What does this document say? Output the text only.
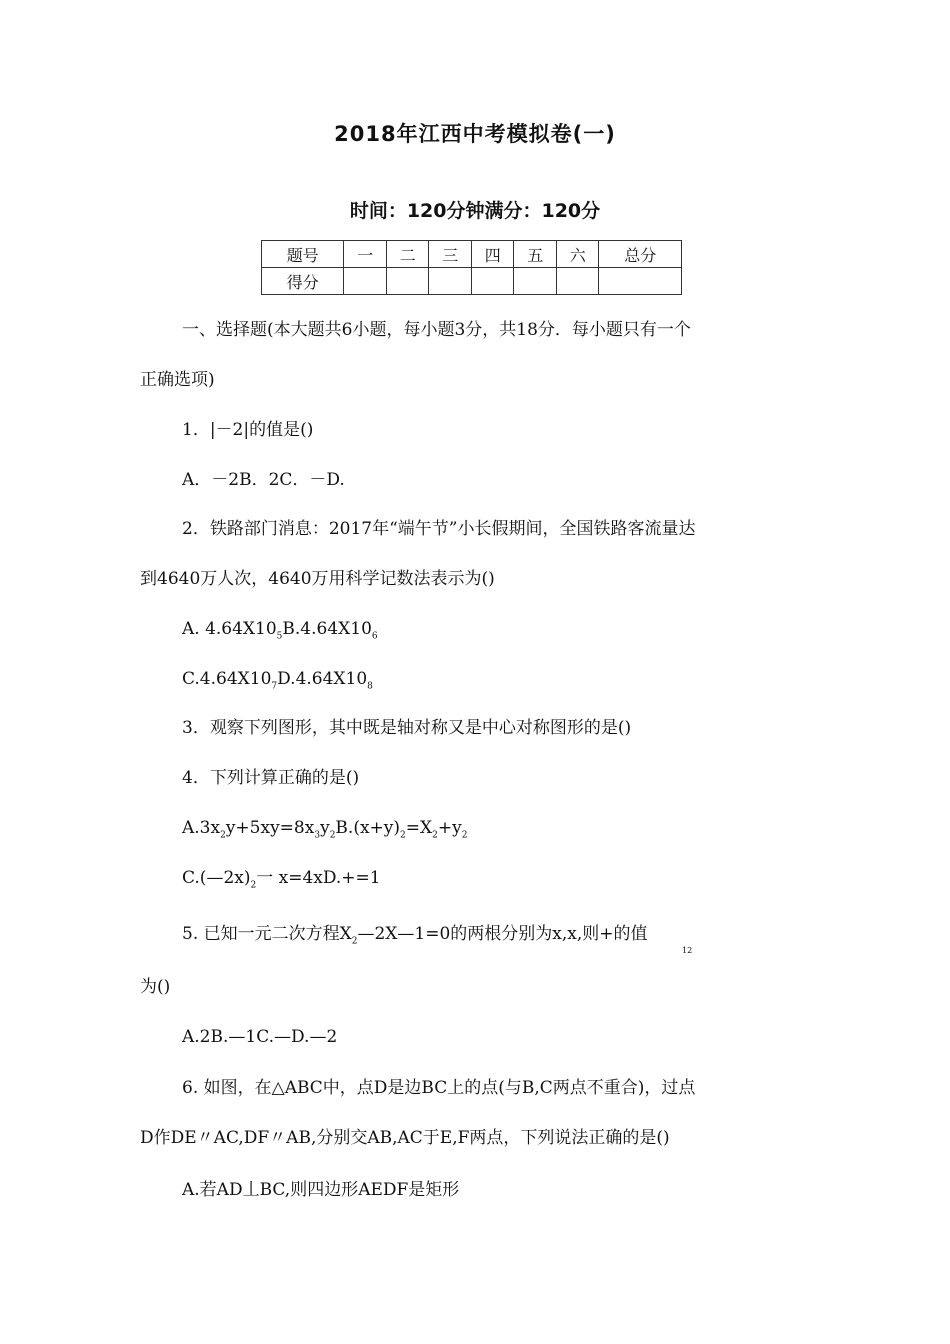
2018年江西中考模拟卷(一)
时间：120分钟满分：120分
题号	一	二	三	四	五	六	总分
得分							
一、选择题(本大题共6小题，每小题3分，共18分．每小题只有一个
正确选项)
1．|－2|的值是()
A．－2B．2C．－D.
2．铁路部门消息：2017年“端午节”小长假期间，全国铁路客流量达
到4640万人次，4640万用科学记数法表示为()
A. $4.64X10_5B.4.64X10_6$
$C.4.64X10_7D.4.64X10_8$
3．观察下列图形，其中既是轴对称又是中心对称图形的是()
4．下列计算正确的是()
$A.3x_2y+5xy=8x_3y_2B.(x+y)_2=X_2+y_2$
$C.(—2x)_2$一 x=4xD.+=1
5. 已知一元二次方程$X_2—2X—1=0$的两根分别为x,x,则+的值
12
为()
A.2B.—1C.—D.—2
6. 如图，在△ABC中，点D是边BC上的点(与B,C两点不重合)，过点
D作DE〃AC,DF〃AB,分别交AB,AC于E,F两点，下列说法正确的是()
A.若AD丄BC,则四边形AEDF是矩形
